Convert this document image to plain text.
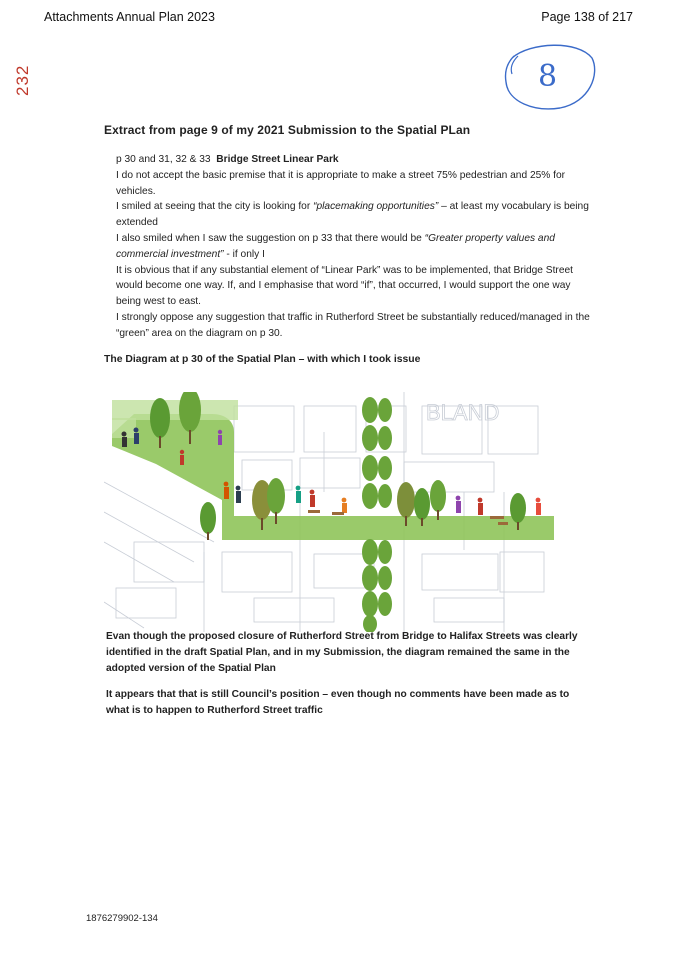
Attachments Annual Plan 2023	Page 138 of 217
232	8
Extract from page 9 of my 2021 Submission to the Spatial PLan

p 30 and 31, 32 & 33 Bridge Street Linear Park

I do not accept the basic premise that it is appropriate to make a street 75% pedestrian and 25% for vehicles.

I smiled at seeing that the city is looking for “placemaking opportunities” – at least my vocabulary is being extended

I also smiled when I saw the suggestion on p 33 that there would be “Greater property values and commercial investment” - if only I

It is obvious that if any substantial element of “Linear Park” was to be implemented, that Bridge Street would become one way. If, and I emphasise that word “if”, that occurred, I would support the one way being west to east.

I strongly oppose any suggestion that traffic in Rutherford Street be substantially reduced/managed in the “green” area on the diagram on p 30.

The Diagram at p 30 of the Spatial Plan – with which I took issue
BLAND

Evan though the proposed closure of Rutherford Street from Bridge to Halifax Streets was clearly identified in the draft Spatial Plan, and in my Submission, the diagram remained the same in the adopted version of the Spatial Plan

It appears that that is still Council’s position – even though no comments have been made as to what is to happen to Rutherford Street traffic

1876279902-134
